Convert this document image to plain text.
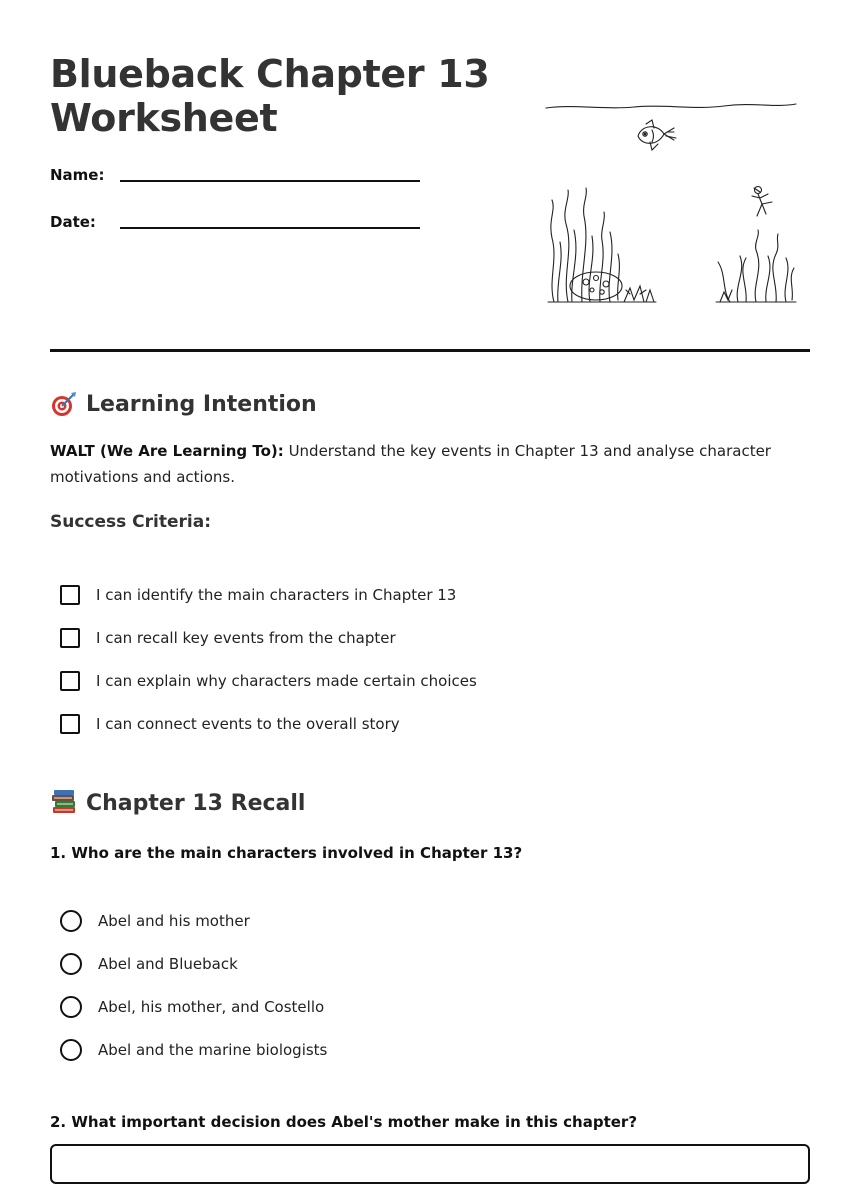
Blueback Chapter 13
Worksheet
Name:
Date:
Learning Intention
WALT (We Are Learning To): Understand the key events in Chapter 13 and analyse character motivations and actions.
Success Criteria:
I can identify the main characters in Chapter 13
I can recall key events from the chapter
I can explain why characters made certain choices
I can connect events to the overall story
Chapter 13 Recall
1. Who are the main characters involved in Chapter 13?
Abel and his mother
Abel and Blueback
Abel, his mother, and Costello
Abel and the marine biologists
2. What important decision does Abel's mother make in this chapter?
